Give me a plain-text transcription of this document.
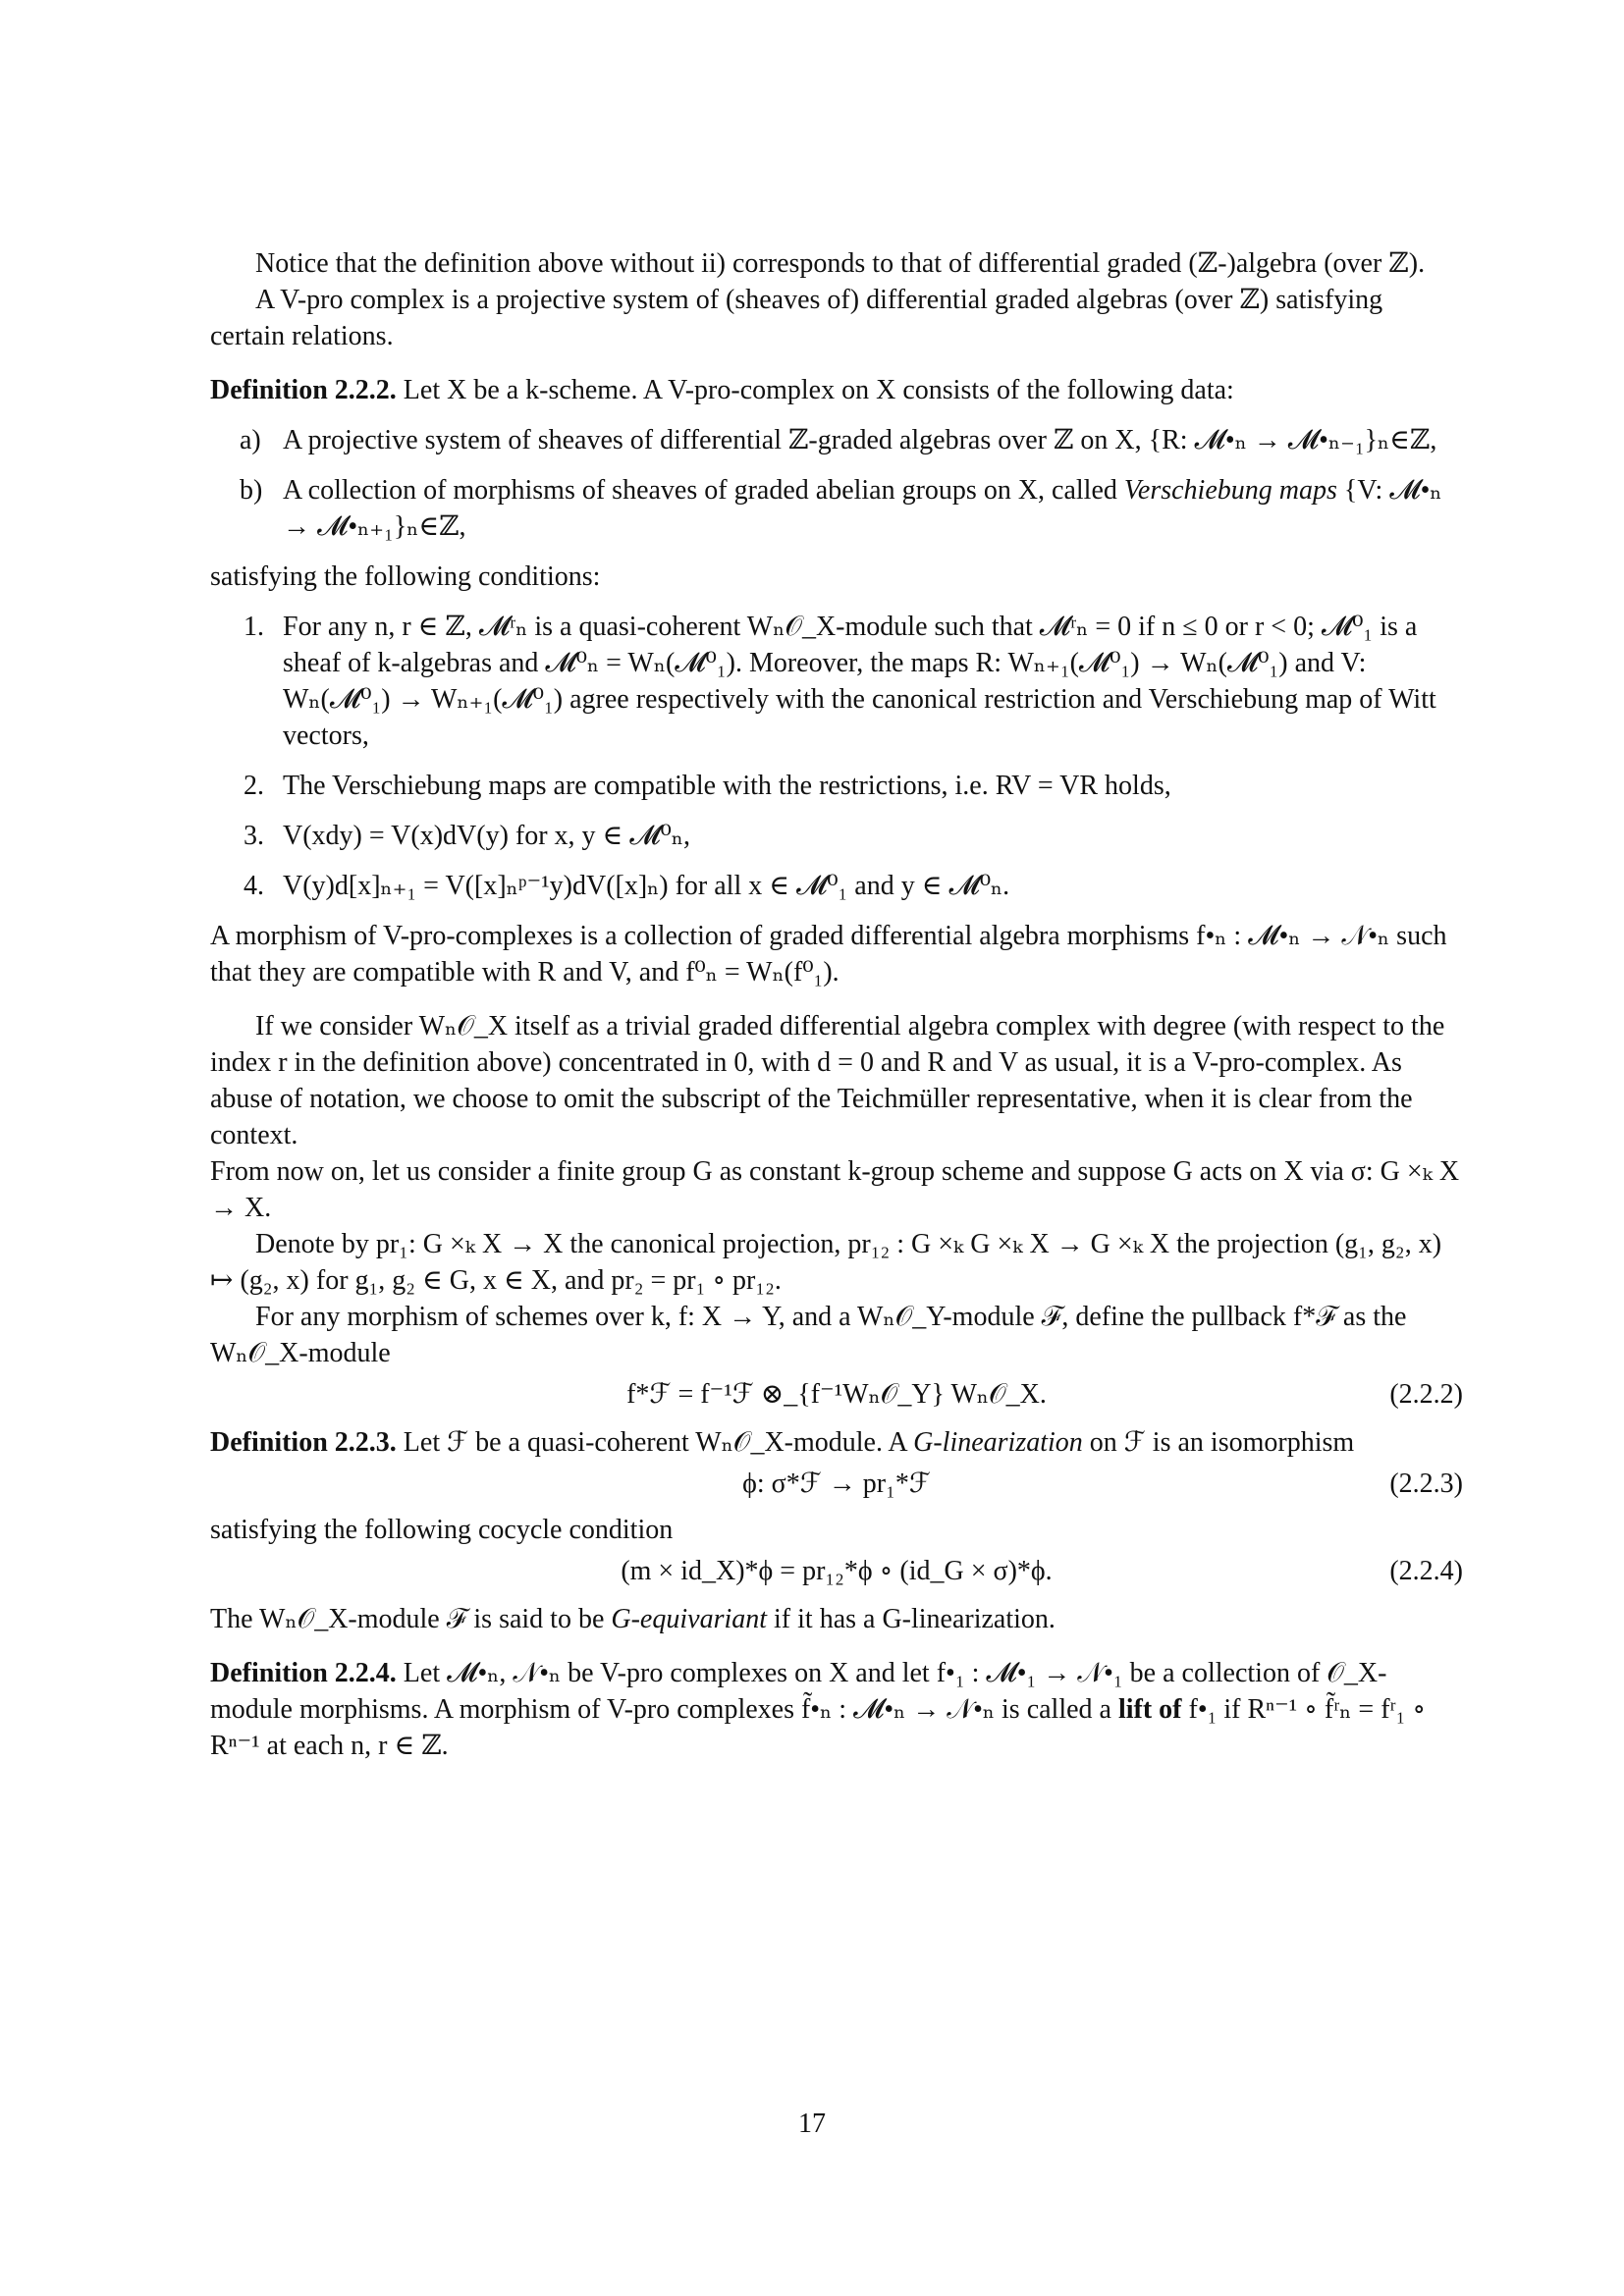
Notice that the definition above without ii) corresponds to that of differential graded (ℤ-)algebra (over ℤ).

A V-pro complex is a projective system of (sheaves of) differential graded algebras (over ℤ) satisfying certain relations.

Definition 2.2.2. Let X be a k-scheme. A V-pro-complex on X consists of the following data:

a) A projective system of sheaves of differential ℤ-graded algebras over ℤ on X, {R: 𝓜•ₙ → 𝓜•ₙ₋₁}ₙ∈ℤ,
b) A collection of morphisms of sheaves of graded abelian groups on X, called Verschiebung maps {V: 𝓜•ₙ → 𝓜•ₙ₊₁}ₙ∈ℤ,

satisfying the following conditions:

1. For any n, r ∈ ℤ, 𝓜ʳₙ is a quasi-coherent Wₙ𝒪_X-module such that 𝓜ʳₙ = 0 if n ≤ 0 or r < 0; 𝓜⁰₁ is a sheaf of k-algebras and 𝓜⁰ₙ = Wₙ(𝓜⁰₁). Moreover, the maps R: Wₙ₊₁(𝓜⁰₁) → Wₙ(𝓜⁰₁) and V: Wₙ(𝓜⁰₁) → Wₙ₊₁(𝓜⁰₁) agree respectively with the canonical restriction and Verschiebung map of Witt vectors,
2. The Verschiebung maps are compatible with the restrictions, i.e. RV = VR holds,
3. V(xdy) = V(x)dV(y) for x, y ∈ 𝓜⁰ₙ,
4. V(y)d[x]ₙ₊₁ = V([x]ₙᵖ⁻¹y)dV([x]ₙ) for all x ∈ 𝓜⁰₁ and y ∈ 𝓜⁰ₙ.

A morphism of V-pro-complexes is a collection of graded differential algebra morphisms f•ₙ : 𝓜•ₙ → 𝒩•ₙ such that they are compatible with R and V, and f⁰ₙ = Wₙ(f⁰₁).

If we consider Wₙ𝒪_X itself as a trivial graded differential algebra complex with degree (with respect to the index r in the definition above) concentrated in 0, with d = 0 and R and V as usual, it is a V-pro-complex. As abuse of notation, we choose to omit the subscript of the Teichmüller representative, when it is clear from the context.

From now on, let us consider a finite group G as constant k-group scheme and suppose G acts on X via σ: G ×ₖ X → X.

Denote by pr₁: G ×ₖ X → X the canonical projection, pr₁₂ : G ×ₖ G ×ₖ X → G ×ₖ X the projection (g₁, g₂, x) ↦ (g₂, x) for g₁, g₂ ∈ G, x ∈ X, and pr₂ = pr₁ ∘ pr₁₂.

For any morphism of schemes over k, f: X → Y, and a Wₙ𝒪_Y-module ℱ, define the pullback f*ℱ as the Wₙ𝒪_X-module

f*ℱ = f⁻¹ℱ ⊗_{f⁻¹Wₙ𝒪_Y} Wₙ𝒪_X.	(2.2.2)

Definition 2.2.3. Let ℱ be a quasi-coherent Wₙ𝒪_X-module. A G-linearization on ℱ is an isomorphism

ϕ: σ*ℱ → pr₁*ℱ	(2.2.3)

satisfying the following cocycle condition

(m × id_X)*ϕ = pr₁₂*ϕ ∘ (id_G × σ)*ϕ.	(2.2.4)

The Wₙ𝒪_X-module ℱ is said to be G-equivariant if it has a G-linearization.

Definition 2.2.4. Let 𝓜•ₙ, 𝒩•ₙ be V-pro complexes on X and let f•₁ : 𝓜•₁ → 𝒩•₁ be a collection of 𝒪_X-module morphisms. A morphism of V-pro complexes f̃•ₙ : 𝓜•ₙ → 𝒩•ₙ is called a lift of f•₁ if Rⁿ⁻¹ ∘ f̃ʳₙ = fʳ₁ ∘ Rⁿ⁻¹ at each n, r ∈ ℤ.

17
